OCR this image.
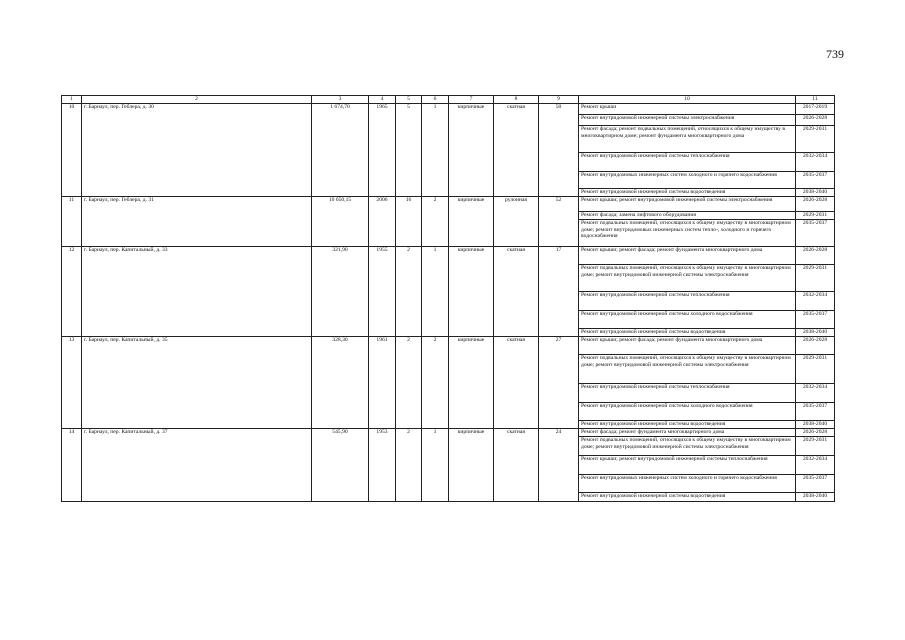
739
1	2	3	4	5	6	7	8	9	10	11
10	г. Барнаул, пер. Геблера, д. 30	1 674,70	1965	5	1	кирпичные	скатная	50	Ремонт крыши	2017-2019
									Ремонт внутридомовой инженерной системы электроснабжения	2026-2028
									Ремонт фасада; ремонт подвальных помещений, относящихся к общему имуществу в многоквартирном доме; ремонт фундамента многоквартирного дома	2029-2031
									Ремонт внутридомовой инженерной системы теплоснабжения	2032-2034
									Ремонт внутридомовых инженерных систем холодного и горячего водоснабжения	2035-2037
									Ремонт внутридомовой инженерной системы водоотведения	2038-2040
11	г. Барнаул, пер. Геблера, д. 31	10 050,15	2006	16	2	кирпичные	рулонная	52	Ремонт крыши; ремонт внутридомовой инженерной системы электроснабжения	2026-2028
									Ремонт фасада; замена лифтового оборудования	2029-2031
									Ремонт подвальных помещений, относящихся к общему имуществу в многоквартирном доме; ремонт внутридомовых инженерных систем тепло-, холодного и горячего водоснабжения	2035-2037
12	г. Барнаул, пер. Капитальный, д. 33	321,90	1955	2	1	кирпичные	скатная	17	Ремонт крыши; ремонт фасада; ремонт фундамента многоквартирного дома	2026-2028
									Ремонт подвальных помещений, относящихся к общему имуществу в многоквартирном доме; ремонт внутридомовой инженерной системы электроснабжения	2029-2031
									Ремонт внутридомовой инженерной системы теплоснабжения	2032-2034
									Ремонт внутридомовой инженерной системы холодного водоснабжения	2035-2037
									Ремонт внутридомовой инженерной системы водоотведения	2038-2040
13	г. Барнаул, пер. Капитальный, д. 35	328,30	1961	2	2	кирпичные	скатная	27	Ремонт крыши; ремонт фасада; ремонт фундамента многоквартирного дома	2026-2028
									Ремонт подвальных помещений, относящихся к общему имуществу в многоквартирном доме; ремонт внутридомовой инженерной системы электроснабжения	2029-2031
									Ремонт внутридомовой инженерной системы теплоснабжения	2032-2034
									Ремонт внутридомовой инженерной системы холодного водоснабжения	2035-2037
									Ремонт внутридомовой инженерной системы водоотведения	2038-2040
14	г. Барнаул, пер. Капитальный, д. 37	545,90	1953	2	1	кирпичные	скатная	24	Ремонт фасада; ремонт фундамента многоквартирного дома	2026-2028
									Ремонт подвальных помещений, относящихся к общему имуществу в многоквартирном доме; ремонт внутридомовой инженерной системы электроснабжения	2029-2031
									Ремонт крыши; ремонт внутридомовой инженерной системы теплоснабжения	2032-2034
									Ремонт внутридомовых инженерных систем холодного и горячего водоснабжения	2035-2037
									Ремонт внутридомовой инженерной системы водоотведения	2038-2040
